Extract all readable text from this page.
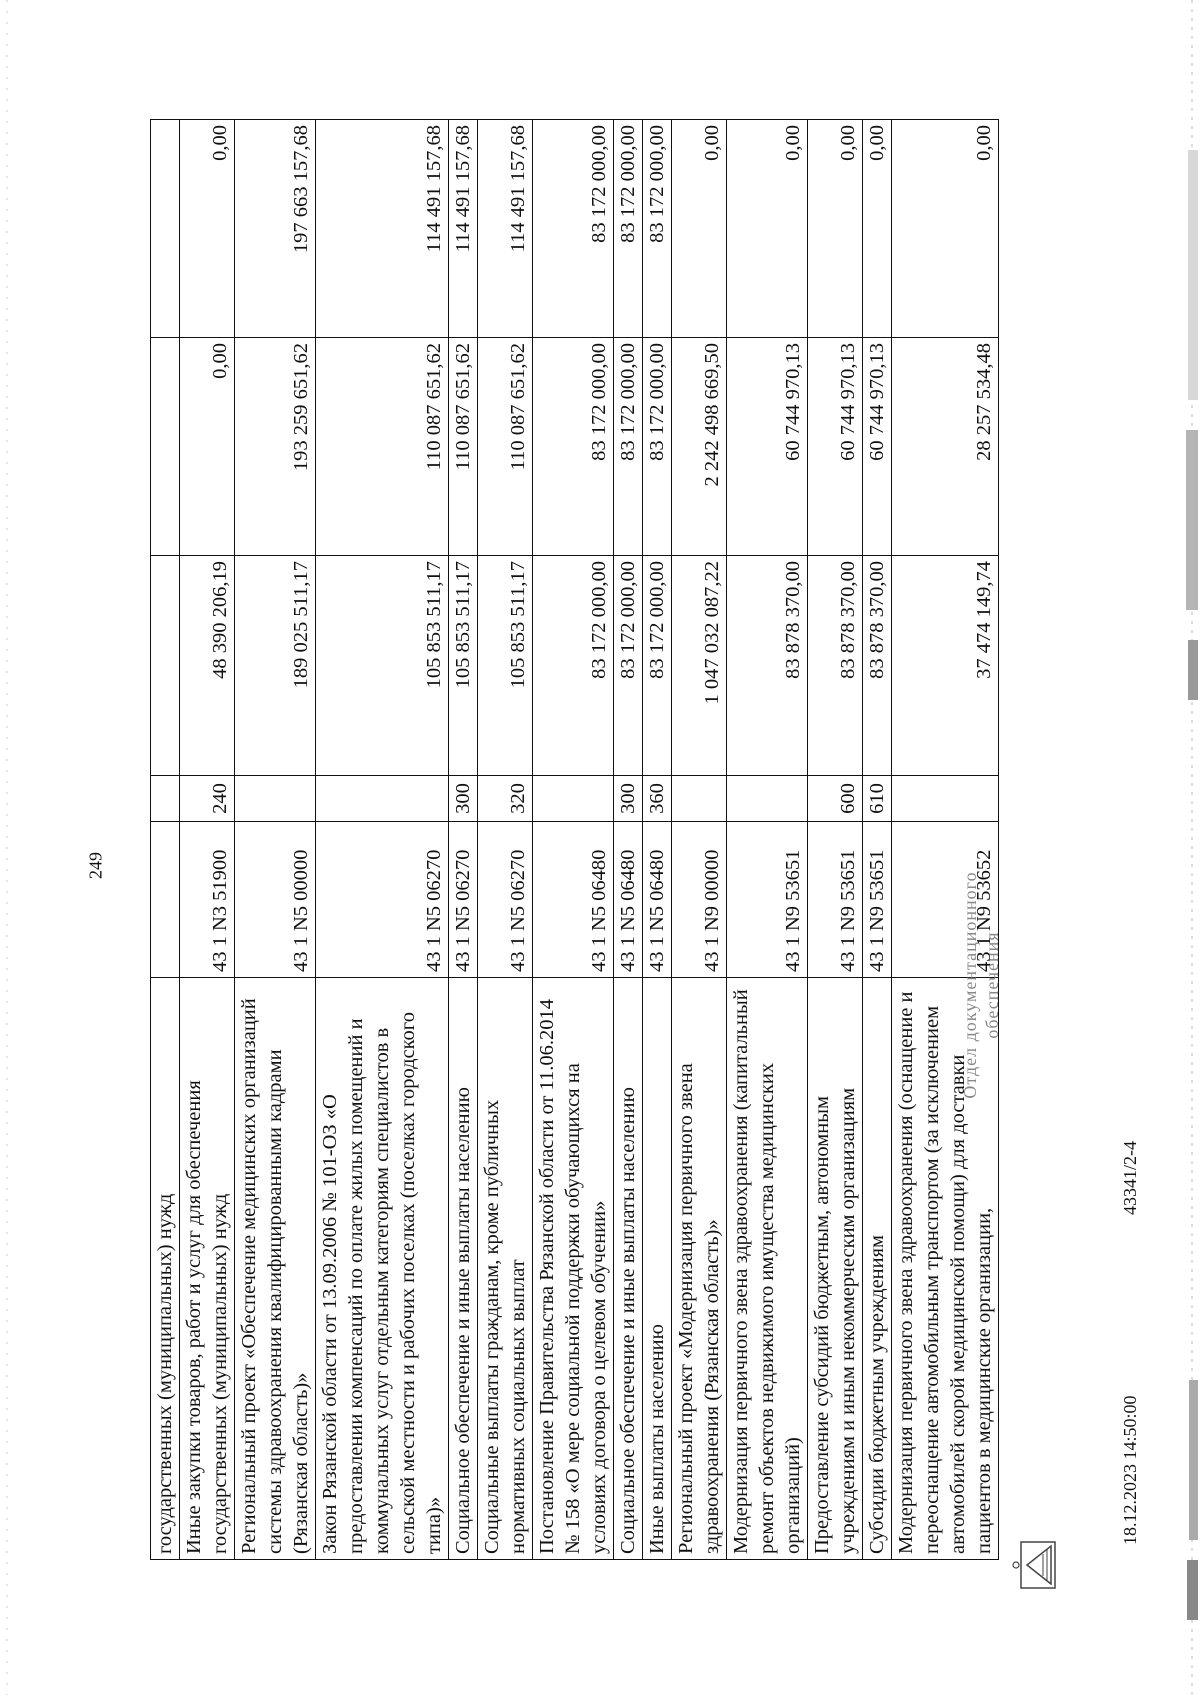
249
государственных (муниципальных) нужд					
Иные закупки товаров, работ и услуг для обеспечения государственных (муниципальных) нужд	43 1 N3 51900	240	48 390 206,19	0,00	0,00
Региональный проект «Обеспечение медицинских организаций системы здравоохранения квалифицированными кадрами (Рязанская область)»	43 1 N5 00000		189 025 511,17	193 259 651,62	197 663 157,68
Закон Рязанской области от 13.09.2006 № 101-ОЗ «О предоставлении компенсаций по оплате жилых помещений и коммунальных услуг отдельным категориям специалистов в сельской местности и рабочих поселках (поселках городского типа)»	43 1 N5 06270		105 853 511,17	110 087 651,62	114 491 157,68
Социальное обеспечение и иные выплаты населению	43 1 N5 06270	300	105 853 511,17	110 087 651,62	114 491 157,68
Социальные выплаты гражданам, кроме публичных нормативных социальных выплат	43 1 N5 06270	320	105 853 511,17	110 087 651,62	114 491 157,68
Постановление Правительства Рязанской области от 11.06.2014 № 158 «О мере социальной поддержки обучающихся на условиях договора о целевом обучении»	43 1 N5 06480		83 172 000,00	83 172 000,00	83 172 000,00
Социальное обеспечение и иные выплаты населению	43 1 N5 06480	300	83 172 000,00	83 172 000,00	83 172 000,00
Иные выплаты населению	43 1 N5 06480	360	83 172 000,00	83 172 000,00	83 172 000,00
Региональный проект «Модернизация первичного звена здравоохранения (Рязанская область)»	43 1 N9 00000		1 047 032 087,22	2 242 498 669,50	0,00
Модернизация первичного звена здравоохранения (капитальный ремонт объектов недвижимого имущества медицинских организаций)	43 1 N9 53651		83 878 370,00	60 744 970,13	0,00
Предоставление субсидий бюджетным, автономным учреждениям и иным некоммерческим организациям	43 1 N9 53651	600	83 878 370,00	60 744 970,13	0,00
Субсидии бюджетным учреждениям	43 1 N9 53651	610	83 878 370,00	60 744 970,13	0,00
Модернизация первичного звена здравоохранения (оснащение и переоснащение автомобильным транспортом (за исключением автомобилей скорой медицинской помощи) для доставки пациентов в медицинские организации,	43 1 N9 53652		37 474 149,74	28 257 534,48	0,00
18.12.2023 14:50:00
43341/2-4
Отдел документационного обеспечения
